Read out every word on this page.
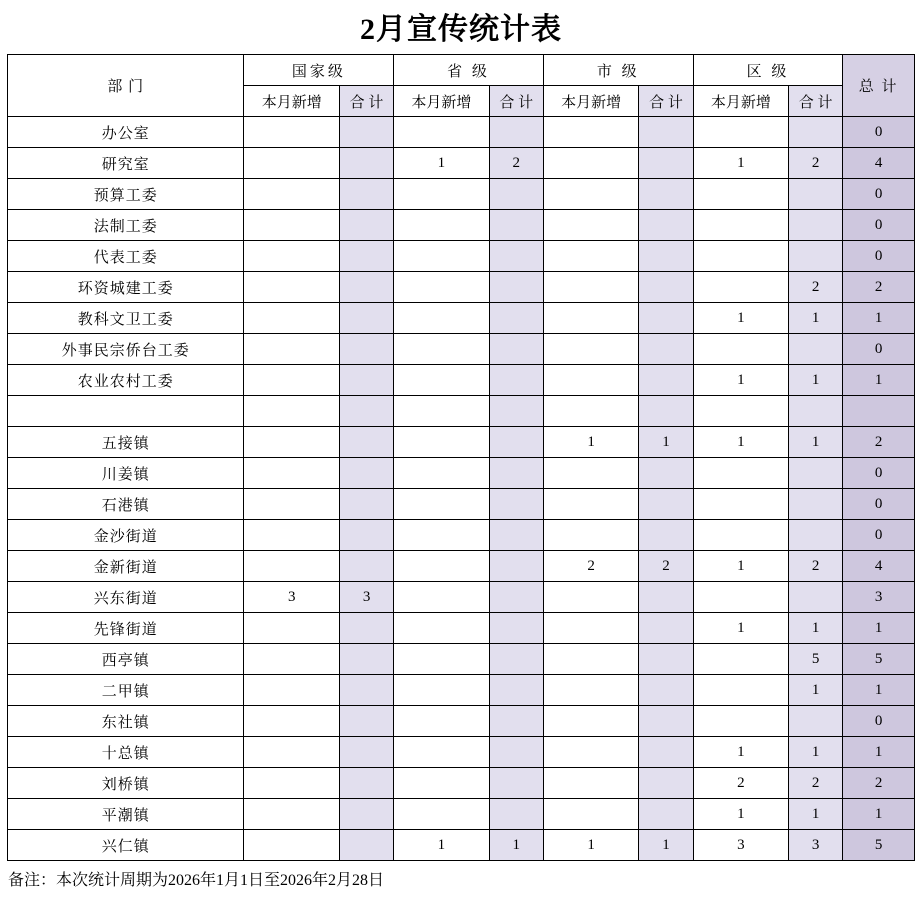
2月宣传统计表
部 门	国家级		省 级		市 级		区 级		总 计
	本月新增	合 计	本月新增	合 计	本月新增	合 计	本月新增	合 计	
办公室									0
研究室			1	2			1	2	4
预算工委									0
法制工委									0
代表工委									0
环资城建工委								2	2
教科文卫工委							1	1	1
外事民宗侨台工委									0
农业农村工委							1	1	1

五接镇					1	1	1	1	2
川姜镇									0
石港镇									0
金沙街道									0
金新街道					2	2	1	2	4
兴东街道	3	3							3
先锋街道							1	1	1
西亭镇								5	5
二甲镇								1	1
东社镇									0
十总镇							1	1	1
刘桥镇							2	2	2
平潮镇							1	1	1
兴仁镇			1	1	1	1	3	3	5
备注：本次统计周期为2026年1月1日至2026年2月28日
